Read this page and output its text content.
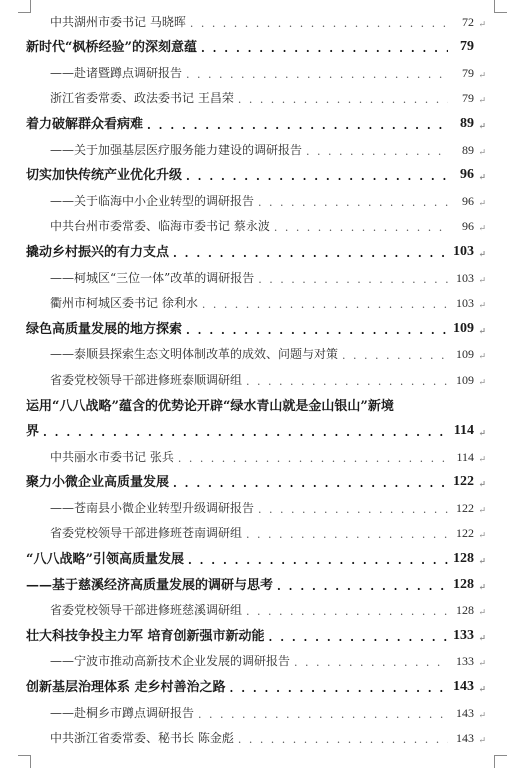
中共湖州市委书记 马晓晖 . . .	72 ↵
新时代“枫桥经验”的深刻意蕴 . . .	79
——赴诸暨蹲点调研报告 . . .	79 ↵
浙江省委常委、政法委书记 王昌荣 . . .	79 ↵
着力破解群众看病难 . . .	89 ↵
——关于加强基层医疗服务能力建设的调研报告 . . .	89 ↵
切实加快传统产业优化升级 . . .	96 ↵
——关于临海中小企业转型的调研报告 . . .	96 ↵
中共台州市委常委、临海市委书记 蔡永波 . . .	96 ↵
撬动乡村振兴的有力支点 . . .	103 ↵
——柯城区“三位一体”改革的调研报告 . . .	103 ↵
衢州市柯城区委书记 徐利水 . . .	103 ↵
绿色高质量发展的地方探索 . . .	109 ↵
——泰顺县探索生态文明体制改革的成效、问题与对策 . . .	109 ↵
省委党校领导干部进修班泰顺调研组 . . .	109 ↵
运用“八八战略”蕴含的优势论开辟“绿水青山就是金山银山”新境
界 . . .	114 ↵
中共丽水市委书记 张兵 . . .	114 ↵
聚力小微企业高质量发展 . . .	122 ↵
——苍南县小微企业转型升级调研报告 . . .	122 ↵
省委党校领导干部进修班苍南调研组 . . .	122 ↵
“八八战略”引领高质量发展 . . .	128 ↵
——基于慈溪经济高质量发展的调研与思考 . . .	128 ↵
省委党校领导干部进修班慈溪调研组 . . .	128 ↵
壮大科技争投主力军 培育创新强市新动能 . . .	133 ↵
——宁波市推动高新技术企业发展的调研报告 . . .	133 ↵
创新基层治理体系 走乡村善治之路 . . .	143 ↵
——赴桐乡市蹲点调研报告 . . .	143 ↵
中共浙江省委常委、秘书长 陈金彪 . . .	143 ↵
